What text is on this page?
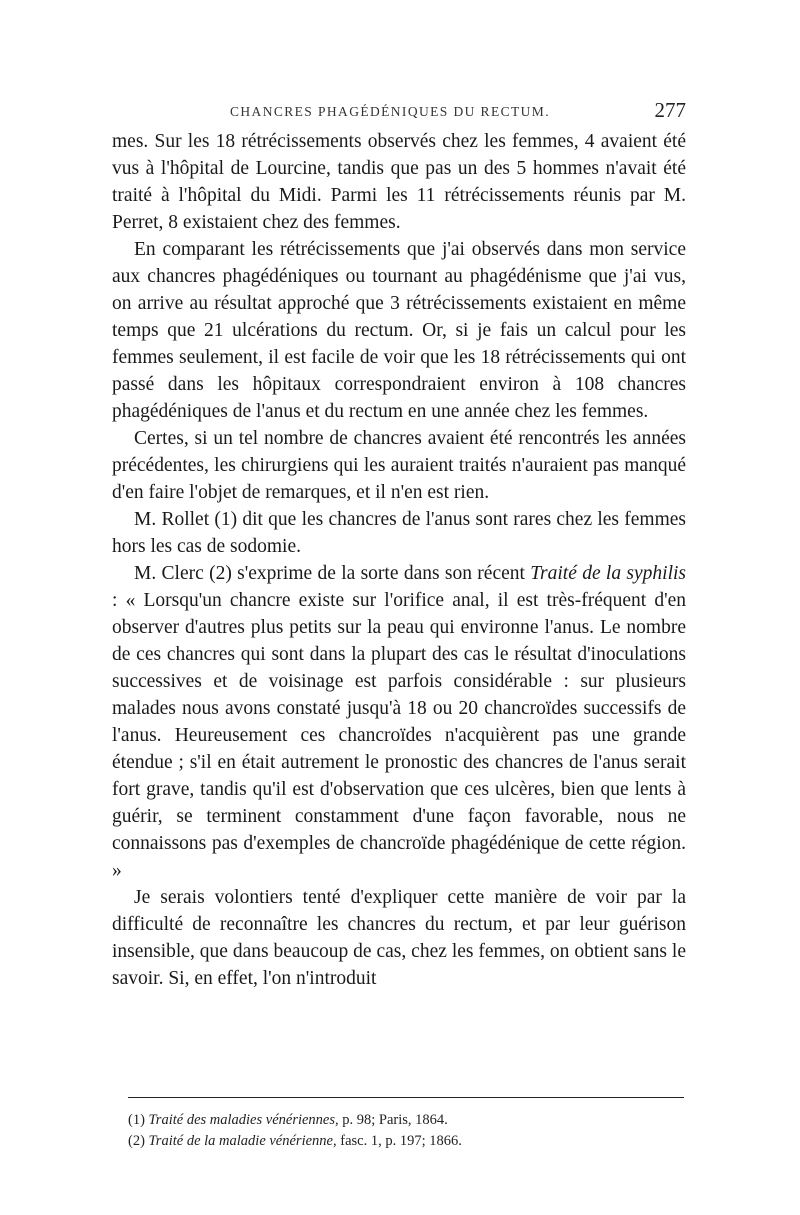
CHANCRES PHAGÉDÉNIQUES DU RECTUM.	277

mes. Sur les 18 rétrécissements observés chez les femmes, 4 avaient été vus à l'hôpital de Lourcine, tandis que pas un des 5 hommes n'avait été traité à l'hôpital du Midi. Parmi les 11 rétrécissements réunis par M. Perret, 8 existaient chez des femmes.

En comparant les rétrécissements que j'ai observés dans mon service aux chancres phagédéniques ou tournant au phagédénisme que j'ai vus, on arrive au résultat approché que 3 rétrécissements existaient en même temps que 21 ulcérations du rectum. Or, si je fais un calcul pour les femmes seulement, il est facile de voir que les 18 rétrécissements qui ont passé dans les hôpitaux correspondraient environ à 108 chancres phagédéniques de l'anus et du rectum en une année chez les femmes.

Certes, si un tel nombre de chancres avaient été rencontrés les années précédentes, les chirurgiens qui les auraient traités n'auraient pas manqué d'en faire l'objet de remarques, et il n'en est rien.

M. Rollet (1) dit que les chancres de l'anus sont rares chez les femmes hors les cas de sodomie.

M. Clerc (2) s'exprime de la sorte dans son récent Traité de la syphilis : « Lorsqu'un chancre existe sur l'orifice anal, il est très-fréquent d'en observer d'autres plus petits sur la peau qui environne l'anus. Le nombre de ces chancres qui sont dans la plupart des cas le résultat d'inoculations successives et de voisinage est parfois considérable : sur plusieurs malades nous avons constaté jusqu'à 18 ou 20 chancroïdes successifs de l'anus. Heureusement ces chancroïdes n'acquièrent pas une grande étendue ; s'il en était autrement le pronostic des chancres de l'anus serait fort grave, tandis qu'il est d'observation que ces ulcères, bien que lents à guérir, se terminent constamment d'une façon favorable, nous ne connaissons pas d'exemples de chancroïde phagédénique de cette région. »

Je serais volontiers tenté d'expliquer cette manière de voir par la difficulté de reconnaître les chancres du rectum, et par leur guérison insensible, que dans beaucoup de cas, chez les femmes, on obtient sans le savoir. Si, en effet, l'on n'introduit

(1) Traité des maladies vénériennes, p. 98; Paris, 1864.
(2) Traité de la maladie vénérienne, fasc. 1, p. 197; 1866.
